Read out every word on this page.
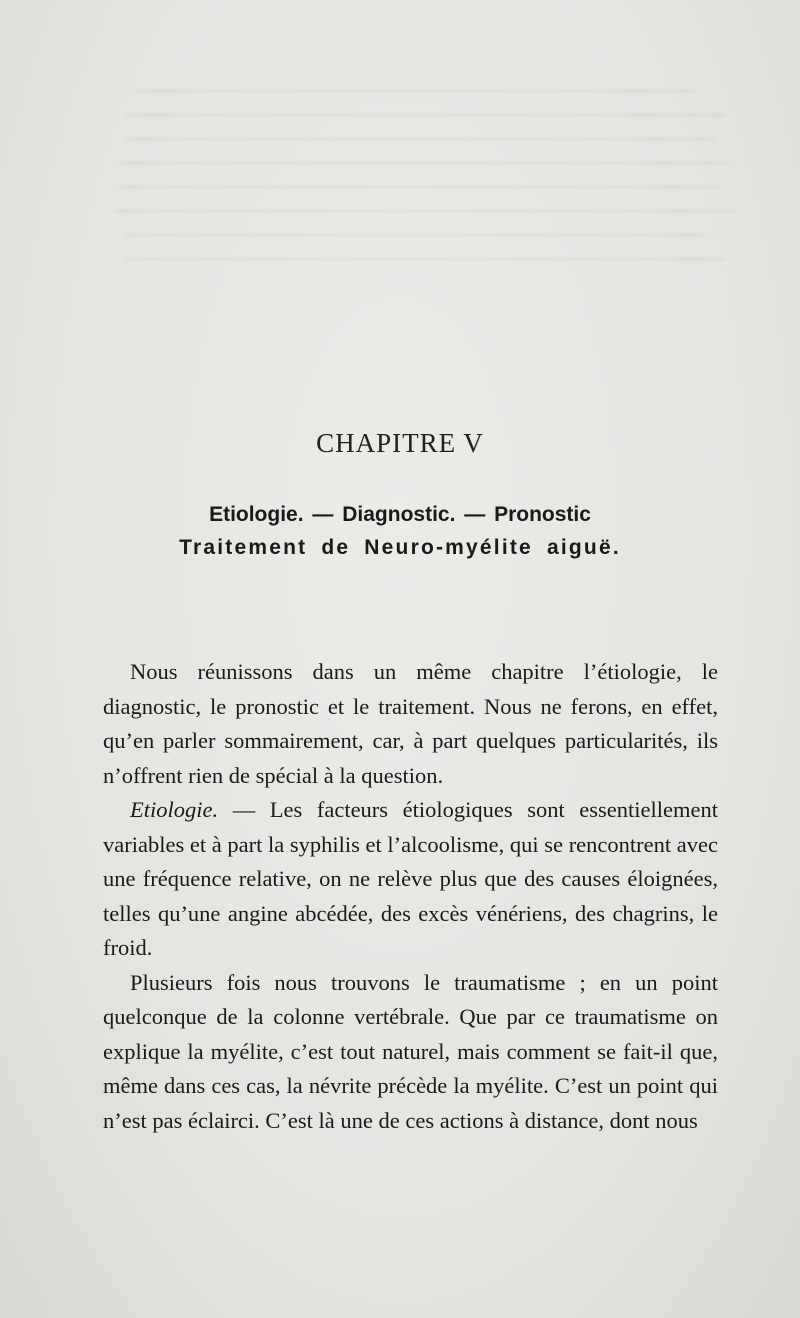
CHAPITRE V
Etiologie. — Diagnostic. — Pronostic
Traitement de Neuro-myélite aiguë.

Nous réunissons dans un même chapitre l’étiologie, le diagnostic, le pronostic et le traitement. Nous ne ferons, en effet, qu’en parler sommairement, car, à part quelques particularités, ils n’offrent rien de spécial à la question.

Etiologie. — Les facteurs étiologiques sont essentiellement variables et à part la syphilis et l’alcoolisme, qui se rencontrent avec une fréquence relative, on ne relève plus que des causes éloignées, telles qu’une angine abcédée, des excès vénériens, des chagrins, le froid.

Plusieurs fois nous trouvons le traumatisme ; en un point quelconque de la colonne vertébrale. Que par ce traumatisme on explique la myélite, c’est tout naturel, mais comment se fait-il que, même dans ces cas, la névrite précède la myélite. C’est un point qui n’est pas éclairci. C’est là une de ces actions à distance, dont nous
